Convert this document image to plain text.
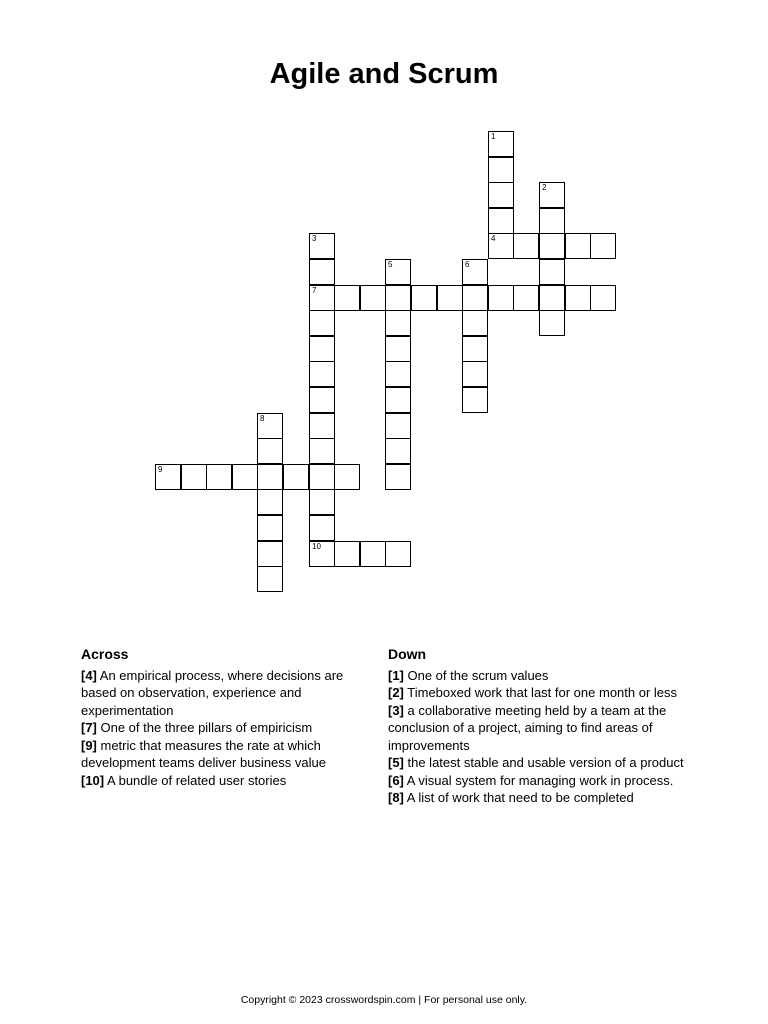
Agile and Scrum
1
2
3	4
5	6
7
8
9
10
Across

[4] An empirical process, where decisions are based on observation, experience and experimentation

[7] One of the three pillars of empiricism

[9] metric that measures the rate at which development teams deliver business value

[10] A bundle of related user stories

Down

[1] One of the scrum values

[2] Timeboxed work that last for one month or less

[3] a collaborative meeting held by a team at the conclusion of a project, aiming to find areas of improvements

[5] the latest stable and usable version of a product

[6] A visual system for managing work in process.

[8] A list of work that need to be completed

Copyright © 2023 crosswordspin.com | For personal use only.
